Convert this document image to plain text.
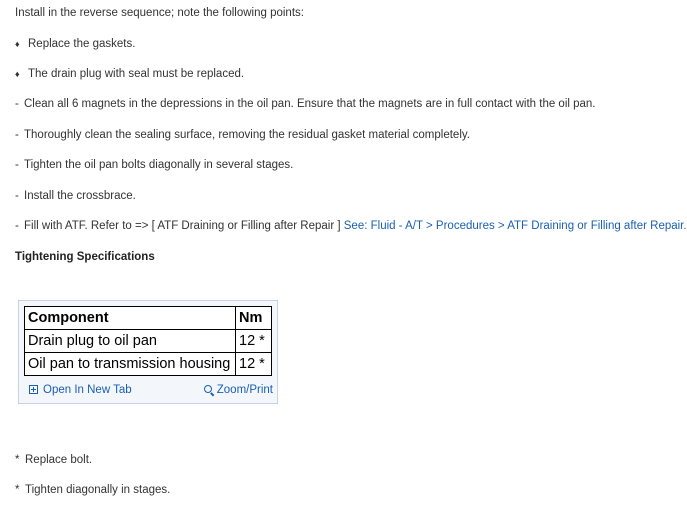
Install in the reverse sequence; note the following points:
♦ Replace the gaskets.
♦ The drain plug with seal must be replaced.
- Clean all 6 magnets in the depressions in the oil pan. Ensure that the magnets are in full contact with the oil pan.
- Thoroughly clean the sealing surface, removing the residual gasket material completely.
- Tighten the oil pan bolts diagonally in several stages.
- Install the crossbrace.
- Fill with ATF. Refer to => [ ATF Draining or Filling after Repair ] See: Fluid - A/T > Procedures > ATF Draining or Filling after Repair.
Tightening Specifications
Component	Nm
Drain plug to oil pan	12 *
Oil pan to transmission housing	12 *
Open In New Tab	Zoom/Print
* Replace bolt.
* Tighten diagonally in stages.
